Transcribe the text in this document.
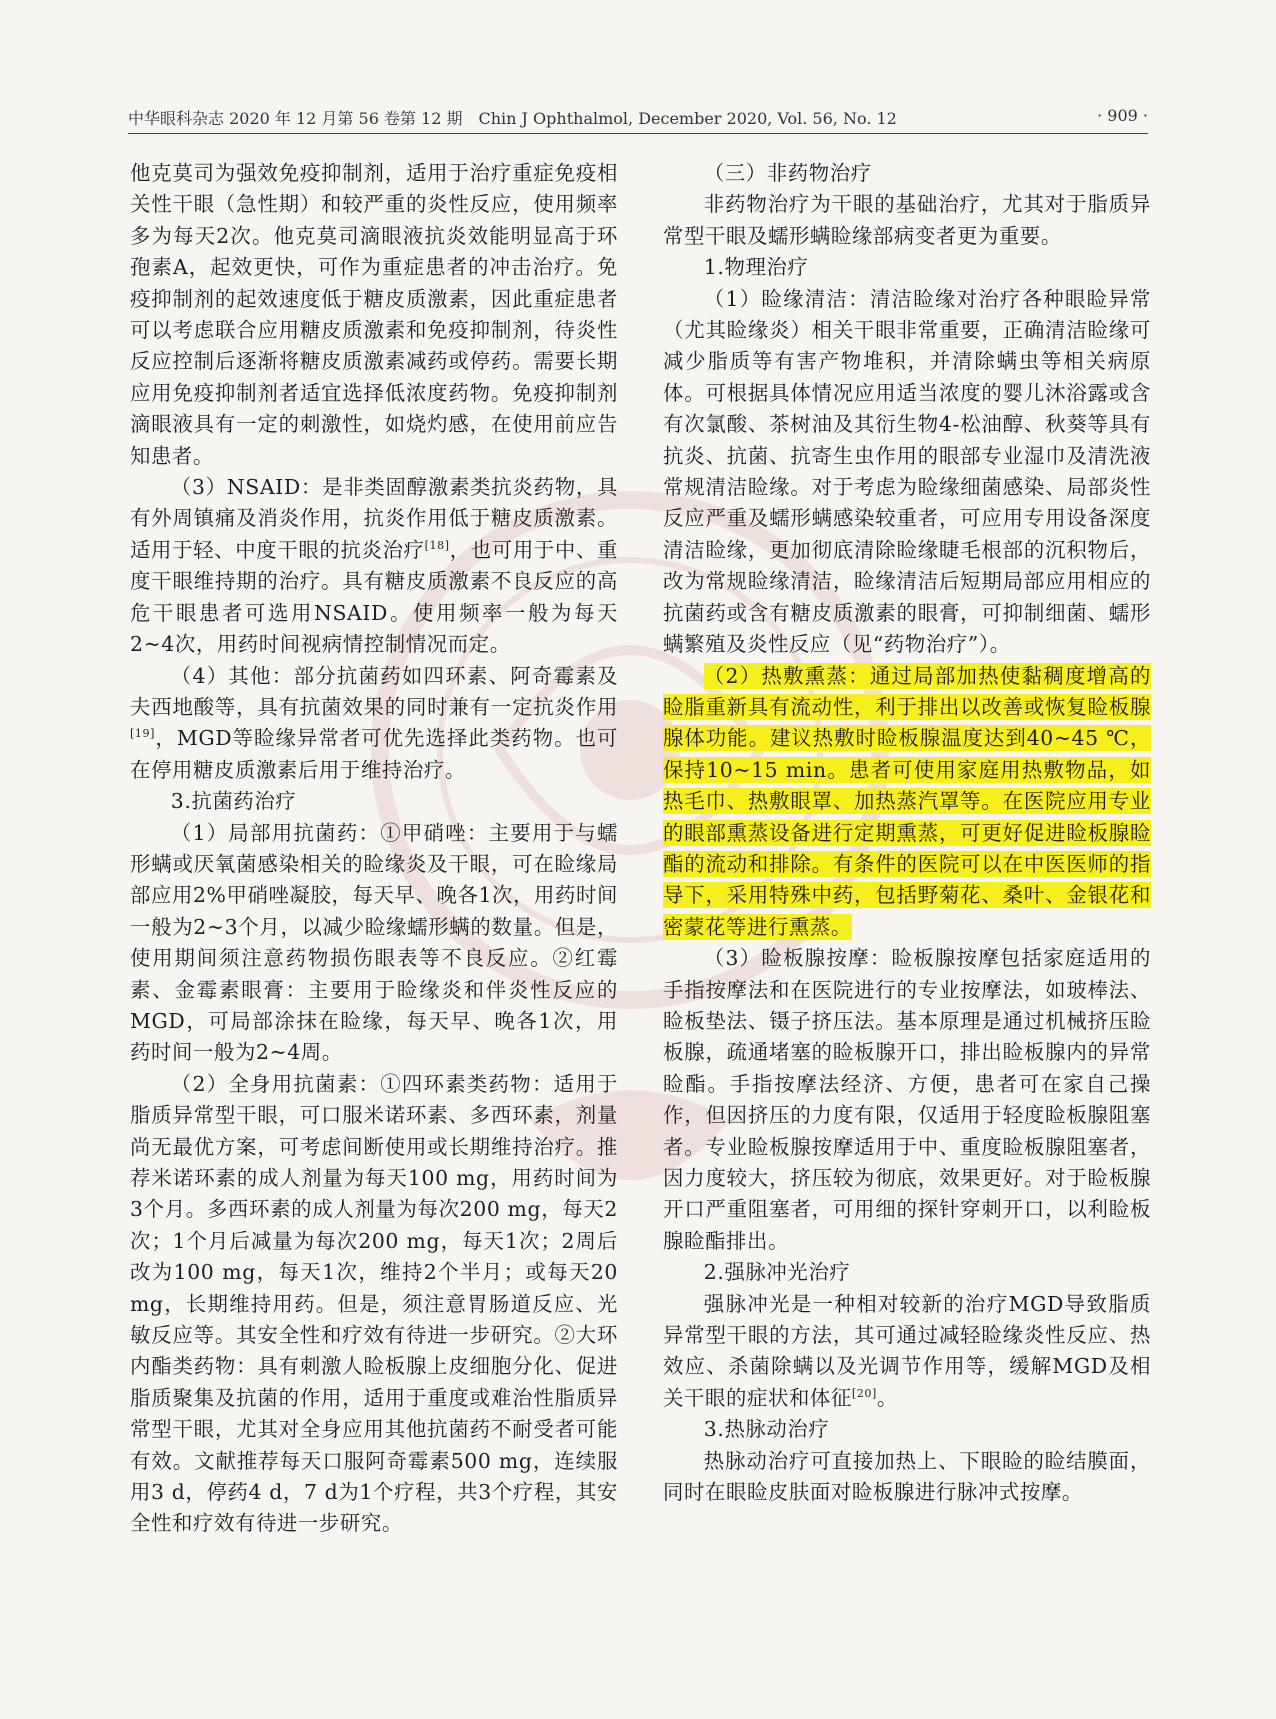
中华眼科杂志 2020 年 12 月第 56 卷第 12 期　Chin J Ophthalmol, December 2020, Vol. 56, No. 12	· 909 ·

他克莫司为强效免疫抑制剂，适用于治疗重症免疫相关性干眼（急性期）和较严重的炎性反应，使用频率多为每天2次。他克莫司滴眼液抗炎效能明显高于环孢素A，起效更快，可作为重症患者的冲击治疗。免疫抑制剂的起效速度低于糖皮质激素，因此重症患者可以考虑联合应用糖皮质激素和免疫抑制剂，待炎性反应控制后逐渐将糖皮质激素减药或停药。需要长期应用免疫抑制剂者适宜选择低浓度药物。免疫抑制剂滴眼液具有一定的刺激性，如烧灼感，在使用前应告知患者。

（3）NSAID：是非类固醇激素类抗炎药物，具有外周镇痛及消炎作用，抗炎作用低于糖皮质激素。适用于轻、中度干眼的抗炎治疗[18]，也可用于中、重度干眼维持期的治疗。具有糖皮质激素不良反应的高危干眼患者可选用NSAID。使用频率一般为每天2~4次，用药时间视病情控制情况而定。

（4）其他：部分抗菌药如四环素、阿奇霉素及夫西地酸等，具有抗菌效果的同时兼有一定抗炎作用[19]，MGD等睑缘异常者可优先选择此类药物。也可在停用糖皮质激素后用于维持治疗。

3.抗菌药治疗

（1）局部用抗菌药：①甲硝唑：主要用于与蠕形螨或厌氧菌感染相关的睑缘炎及干眼，可在睑缘局部应用2%甲硝唑凝胶，每天早、晚各1次，用药时间一般为2~3个月，以减少睑缘蠕形螨的数量。但是，使用期间须注意药物损伤眼表等不良反应。②红霉素、金霉素眼膏：主要用于睑缘炎和伴炎性反应的MGD，可局部涂抹在睑缘，每天早、晚各1次，用药时间一般为2~4周。

（2）全身用抗菌素：①四环素类药物：适用于脂质异常型干眼，可口服米诺环素、多西环素，剂量尚无最优方案，可考虑间断使用或长期维持治疗。推荐米诺环素的成人剂量为每天100 mg，用药时间为3个月。多西环素的成人剂量为每次200 mg，每天2次；1个月后减量为每次200 mg，每天1次；2周后改为100 mg，每天1次，维持2个半月；或每天20 mg，长期维持用药。但是，须注意胃肠道反应、光敏反应等。其安全性和疗效有待进一步研究。②大环内酯类药物：具有刺激人睑板腺上皮细胞分化、促进脂质聚集及抗菌的作用，适用于重度或难治性脂质异常型干眼，尤其对全身应用其他抗菌药不耐受者可能有效。文献推荐每天口服阿奇霉素500 mg，连续服用3 d，停药4 d，7 d为1个疗程，共3个疗程，其安全性和疗效有待进一步研究。

（三）非药物治疗

非药物治疗为干眼的基础治疗，尤其对于脂质异常型干眼及蠕形螨睑缘部病变者更为重要。

1.物理治疗

（1）睑缘清洁：清洁睑缘对治疗各种眼睑异常（尤其睑缘炎）相关干眼非常重要，正确清洁睑缘可减少脂质等有害产物堆积，并清除螨虫等相关病原体。可根据具体情况应用适当浓度的婴儿沐浴露或含有次氯酸、茶树油及其衍生物4-松油醇、秋葵等具有抗炎、抗菌、抗寄生虫作用的眼部专业湿巾及清洗液常规清洁睑缘。对于考虑为睑缘细菌感染、局部炎性反应严重及蠕形螨感染较重者，可应用专用设备深度清洁睑缘，更加彻底清除睑缘睫毛根部的沉积物后，改为常规睑缘清洁，睑缘清洁后短期局部应用相应的抗菌药或含有糖皮质激素的眼膏，可抑制细菌、蠕形螨繁殖及炎性反应（见“药物治疗”）。

（2）热敷熏蒸：通过局部加热使黏稠度增高的睑脂重新具有流动性，利于排出以改善或恢复睑板腺腺体功能。建议热敷时睑板腺温度达到40~45 ℃，保持10~15 min。患者可使用家庭用热敷物品，如热毛巾、热敷眼罩、加热蒸汽罩等。在医院应用专业的眼部熏蒸设备进行定期熏蒸，可更好促进睑板腺睑酯的流动和排除。有条件的医院可以在中医医师的指导下，采用特殊中药，包括野菊花、桑叶、金银花和密蒙花等进行熏蒸。

（3）睑板腺按摩：睑板腺按摩包括家庭适用的手指按摩法和在医院进行的专业按摩法，如玻棒法、睑板垫法、镊子挤压法。基本原理是通过机械挤压睑板腺，疏通堵塞的睑板腺开口，排出睑板腺内的异常睑酯。手指按摩法经济、方便，患者可在家自己操作，但因挤压的力度有限，仅适用于轻度睑板腺阻塞者。专业睑板腺按摩适用于中、重度睑板腺阻塞者，因力度较大，挤压较为彻底，效果更好。对于睑板腺开口严重阻塞者，可用细的探针穿刺开口，以利睑板腺睑酯排出。

2.强脉冲光治疗

强脉冲光是一种相对较新的治疗MGD导致脂质异常型干眼的方法，其可通过减轻睑缘炎性反应、热效应、杀菌除螨以及光调节作用等，缓解MGD及相关干眼的症状和体征[20]。

3.热脉动治疗

热脉动治疗可直接加热上、下眼睑的睑结膜面，同时在眼睑皮肤面对睑板腺进行脉冲式按摩。
